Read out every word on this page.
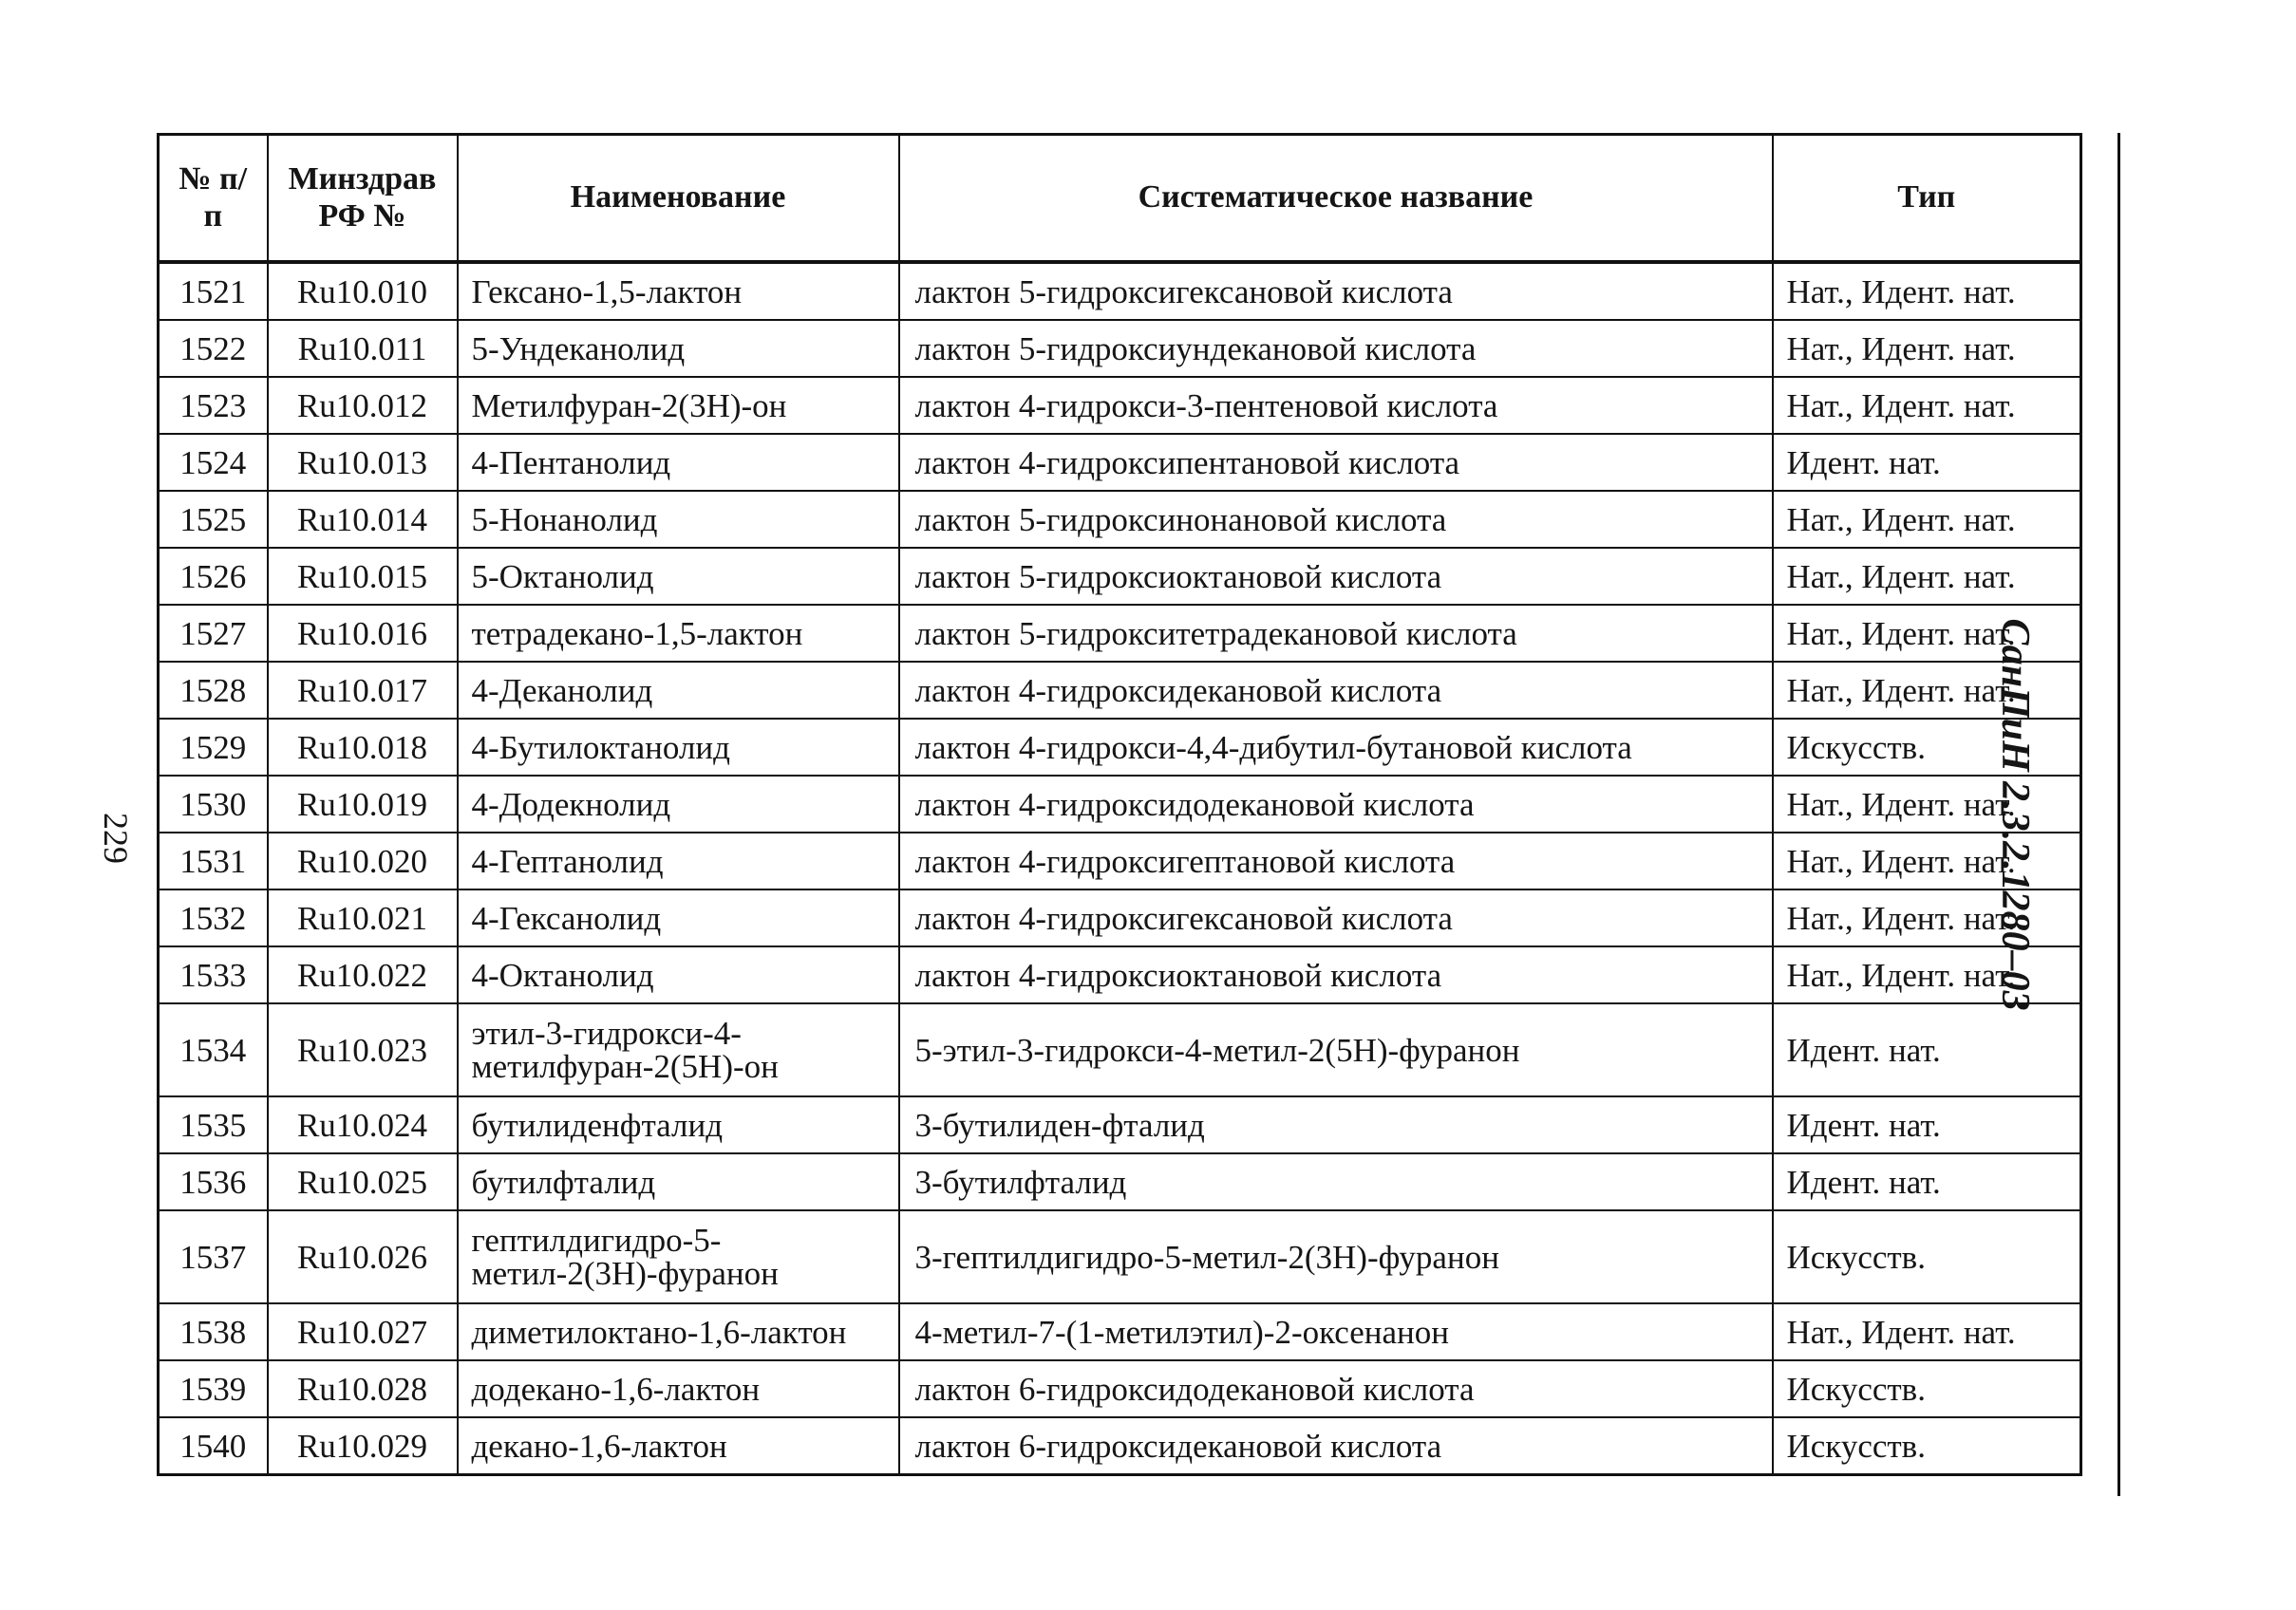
№ п/п	Минздрав РФ №	Наименование	Систематическое название	Тип
1521	Ru10.010	Гексано-1,5-лактон	лактон 5-гидроксигексановой кислота	Нат., Идент. нат.
1522	Ru10.011	5-Ундеканолид	лактон 5-гидроксиундекановой кислота	Нат., Идент. нат.
1523	Ru10.012	Метилфуран-2(3Н)-он	лактон 4-гидрокси-3-пентеновой кислота	Нат., Идент. нат.
1524	Ru10.013	4-Пентанолид	лактон 4-гидроксипентановой кислота	Идент. нат.
1525	Ru10.014	5-Нонанолид	лактон 5-гидроксинонановой кислота	Нат., Идент. нат.
1526	Ru10.015	5-Октанолид	лактон 5-гидроксиоктановой кислота	Нат., Идент. нат.
1527	Ru10.016	тетрадекано-1,5-лактон	лактон 5-гидрокситетрадекановой кислота	Нат., Идент. нат.
1528	Ru10.017	4-Деканолид	лактон 4-гидроксидекановой кислота	Нат., Идент. нат.
1529	Ru10.018	4-Бутилоктанолид	лактон 4-гидрокси-4,4-дибутил-бутановой кислота	Искусств.
1530	Ru10.019	4-Додекнолид	лактон 4-гидроксидодекановой кислота	Нат., Идент. нат.
1531	Ru10.020	4-Гептанолид	лактон 4-гидроксигептановой кислота	Нат., Идент. нат.
1532	Ru10.021	4-Гексанолид	лактон 4-гидроксигексановой кислота	Нат., Идент. нат.
1533	Ru10.022	4-Октанолид	лактон 4-гидроксиоктановой кислота	Нат., Идент. нат.
1534	Ru10.023	этил-3-гидрокси-4-метилфуран-2(5Н)-он	5-этил-3-гидрокси-4-метил-2(5Н)-фуранон	Идент. нат.
1535	Ru10.024	бутилиденфталид	3-бутилиден-фталид	Идент. нат.
1536	Ru10.025	бутилфталид	3-бутилфталид	Идент. нат.
1537	Ru10.026	гептилдигидро-5-метил-2(3Н)-фуранон	3-гептилдигидро-5-метил-2(3Н)-фуранон	Искусств.
1538	Ru10.027	диметилоктано-1,6-лактон	4-метил-7-(1-метилэтил)-2-оксенанон	Нат., Идент. нат.
1539	Ru10.028	додекано-1,6-лактон	лактон 6-гидроксидодекановой кислота	Искусств.
1540	Ru10.029	декано-1,6-лактон	лактон 6-гидроксидекановой кислота	Искусств.
229	СанПиН 2.3.2.1280–03
